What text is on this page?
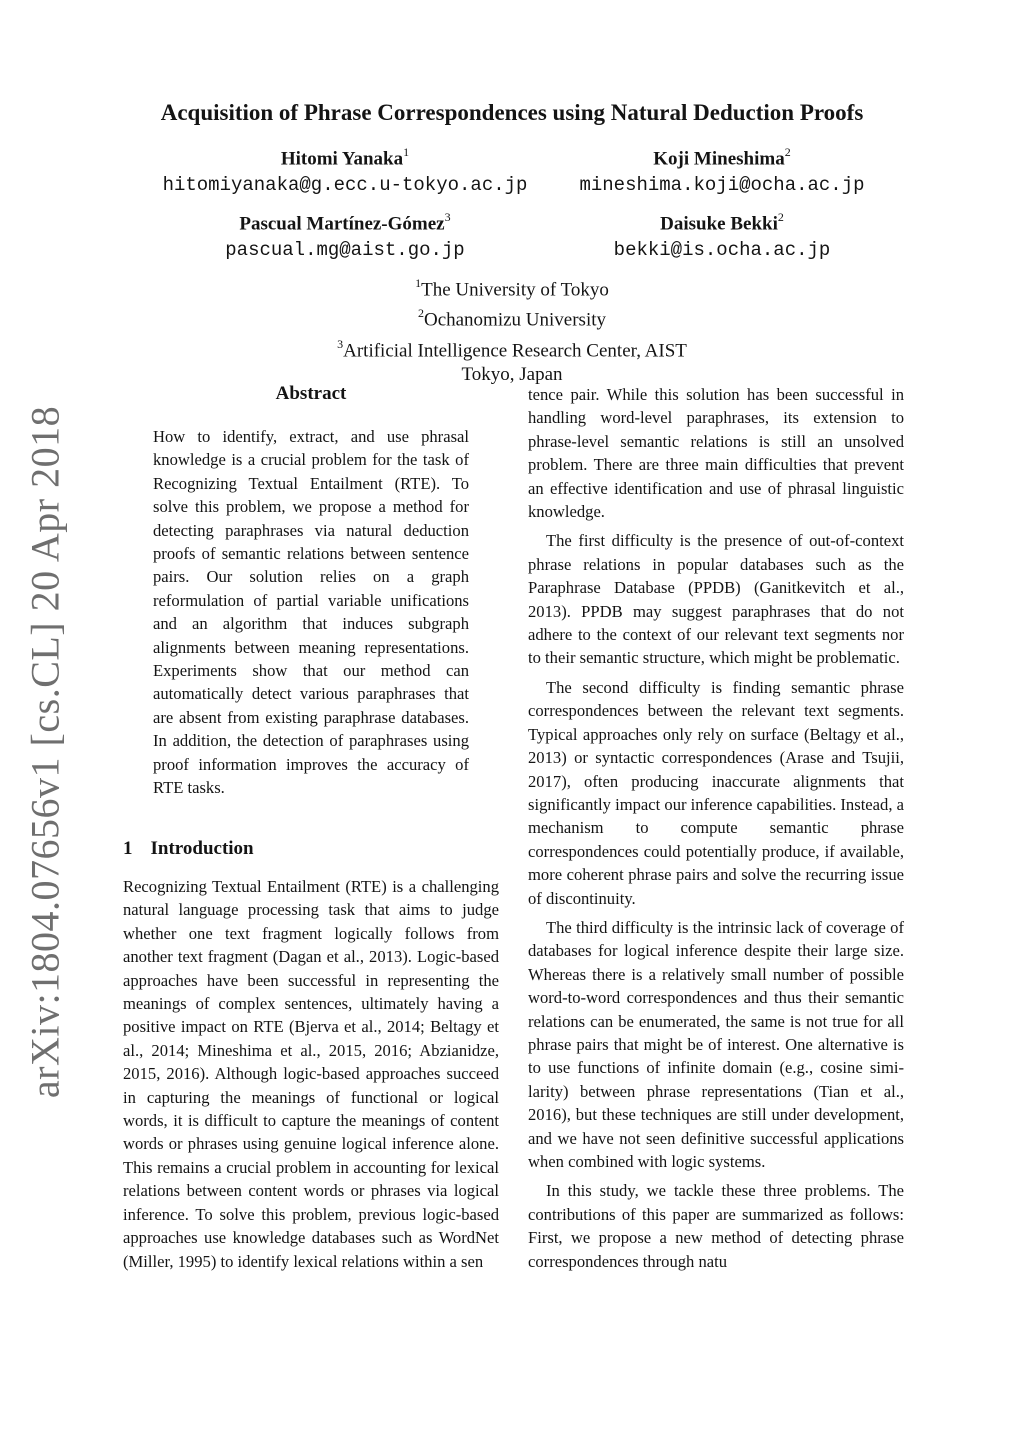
arXiv:1804.07656v1 [cs.CL] 20 Apr 2018
Acquisition of Phrase Correspondences using Natural Deduction Proofs
Hitomi Yanaka$^1$
hitomiyanaka@g.ecc.u-tokyo.ac.jp
Koji Mineshima$^2$
mineshima.koji@ocha.ac.jp
Pascual Martínez-Gómez$^3$
pascual.mg@aist.go.jp
Daisuke Bekki$^2$
bekki@is.ocha.ac.jp
$^1$The University of Tokyo
$^2$Ochanomizu University
$^3$Artificial Intelligence Research Center, AIST
Tokyo, Japan
Abstract

How to identify, extract, and use phrasal knowledge is a crucial problem for the task of Recognizing Textual Entailment (RTE). To solve this problem, we propose a method for detecting paraphrases via natural deduction proofs of semantic relations between sentence pairs. Our solution relies on a graph reformulation of partial variable unifications and an algorithm that induces subgraph alignments between meaning representations. Experiments show that our method can automatically detect various paraphrases that are absent from existing paraphrase databases. In addition, the detection of paraphrases using proof information improves the accuracy of RTE tasks.

1 Introduction

Recognizing Textual Entailment (RTE) is a challenging natural language processing task that aims to judge whether one text fragment logically follows from another text fragment (Dagan et al., 2013). Logic-based approaches have been successful in representing the meanings of complex sentences, ultimately having a positive impact on RTE (Bjerva et al., 2014; Beltagy et al., 2014; Mineshima et al., 2015, 2016; Abzianidze, 2015, 2016). Although logic-based approaches succeed in capturing the meanings of functional or logical words, it is difficult to capture the meanings of content words or phrases using genuine logical inference alone. This remains a crucial problem in accounting for lexical relations between content words or phrases via logical inference. To solve this problem, previous logic-based approaches use knowledge databases such as WordNet (Miller, 1995) to identify lexical relations within a sen

tence pair. While this solution has been successful in handling word-level paraphrases, its extension to phrase-level semantic relations is still an unsolved problem. There are three main difficulties that prevent an effective identification and use of phrasal linguistic knowledge.

The first difficulty is the presence of out-of-context phrase relations in popular databases such as the Paraphrase Database (PPDB) (Ganitkevitch et al., 2013). PPDB may suggest paraphrases that do not adhere to the context of our relevant text segments nor to their semantic structure, which might be problematic.

The second difficulty is finding semantic phrase correspondences between the relevant text segments. Typical approaches only rely on surface (Beltagy et al., 2013) or syntactic correspondences (Arase and Tsujii, 2017), often producing inaccurate alignments that significantly impact our inference capabilities. Instead, a mechanism to compute semantic phrase correspondences could potentially produce, if available, more coherent phrase pairs and solve the recurring issue of discontinuity.

The third difficulty is the intrinsic lack of coverage of databases for logical inference despite their large size. Whereas there is a relatively small number of possible word-to-word correspondences and thus their semantic relations can be enumerated, the same is not true for all phrase pairs that might be of interest. One alternative is to use functions of infinite domain (e.g., cosine similarity) between phrase representations (Tian et al., 2016), but these techniques are still under development, and we have not seen definitive successful applications when combined with logic systems.

In this study, we tackle these three problems. The contributions of this paper are summarized as follows: First, we propose a new method of detecting phrase correspondences through natu
